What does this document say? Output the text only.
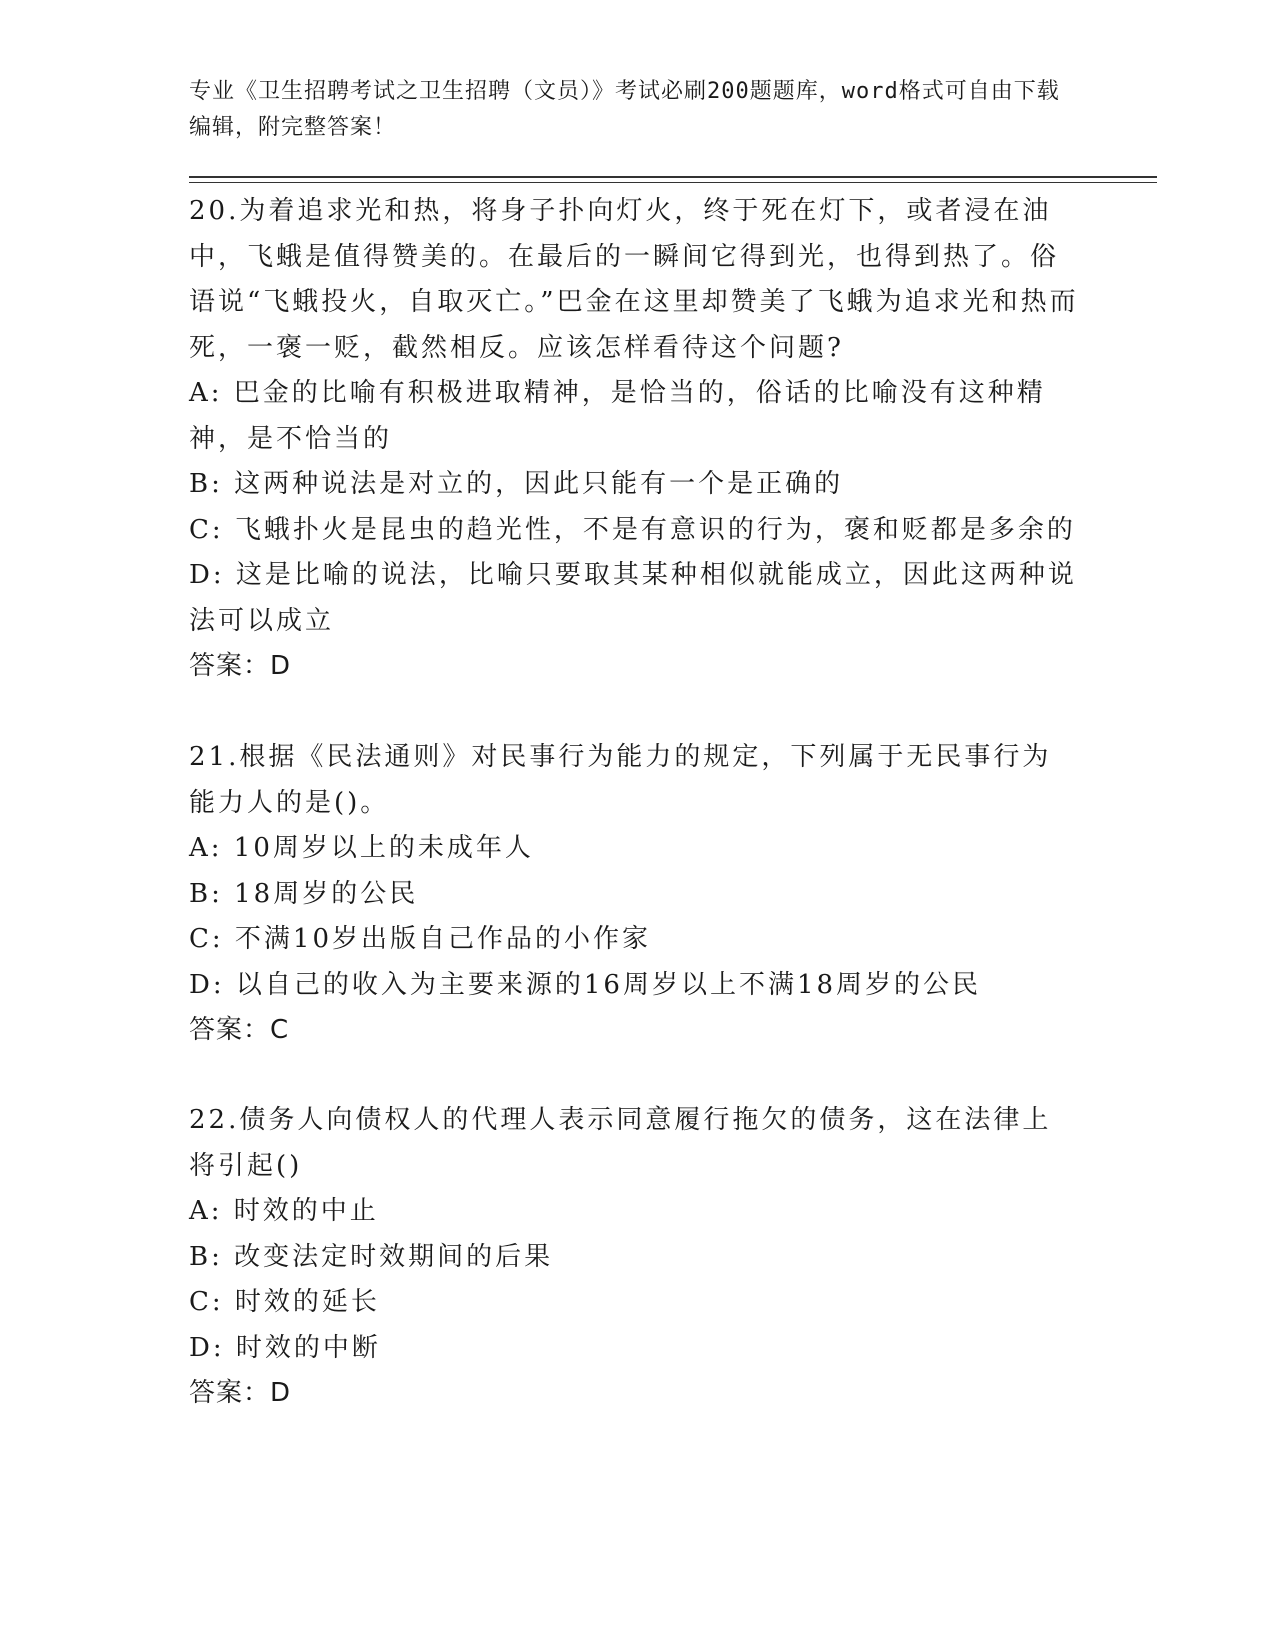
专业《卫生招聘考试之卫生招聘（文员）》考试必刷200题题库，word格式可自由下载编辑，附完整答案！
20.为着追求光和热，将身子扑向灯火，终于死在灯下，或者浸在油中，飞蛾是值得赞美的。在最后的一瞬间它得到光，也得到热了。俗语说“飞蛾投火，自取灭亡。”巴金在这里却赞美了飞蛾为追求光和热而死，一褒一贬，截然相反。应该怎样看待这个问题?
A: 巴金的比喻有积极进取精神，是恰当的，俗话的比喻没有这种精神，是不恰当的
B: 这两种说法是对立的，因此只能有一个是正确的
C: 飞蛾扑火是昆虫的趋光性，不是有意识的行为，褒和贬都是多余的
D: 这是比喻的说法，比喻只要取其某种相似就能成立，因此这两种说法可以成立
答案：D
21.根据《民法通则》对民事行为能力的规定，下列属于无民事行为能力人的是()。
A: 10周岁以上的未成年人
B: 18周岁的公民
C: 不满10岁出版自己作品的小作家
D: 以自己的收入为主要来源的16周岁以上不满18周岁的公民
答案：C
22.债务人向债权人的代理人表示同意履行拖欠的债务，这在法律上将引起()
A: 时效的中止
B: 改变法定时效期间的后果
C: 时效的延长
D: 时效的中断
答案：D
